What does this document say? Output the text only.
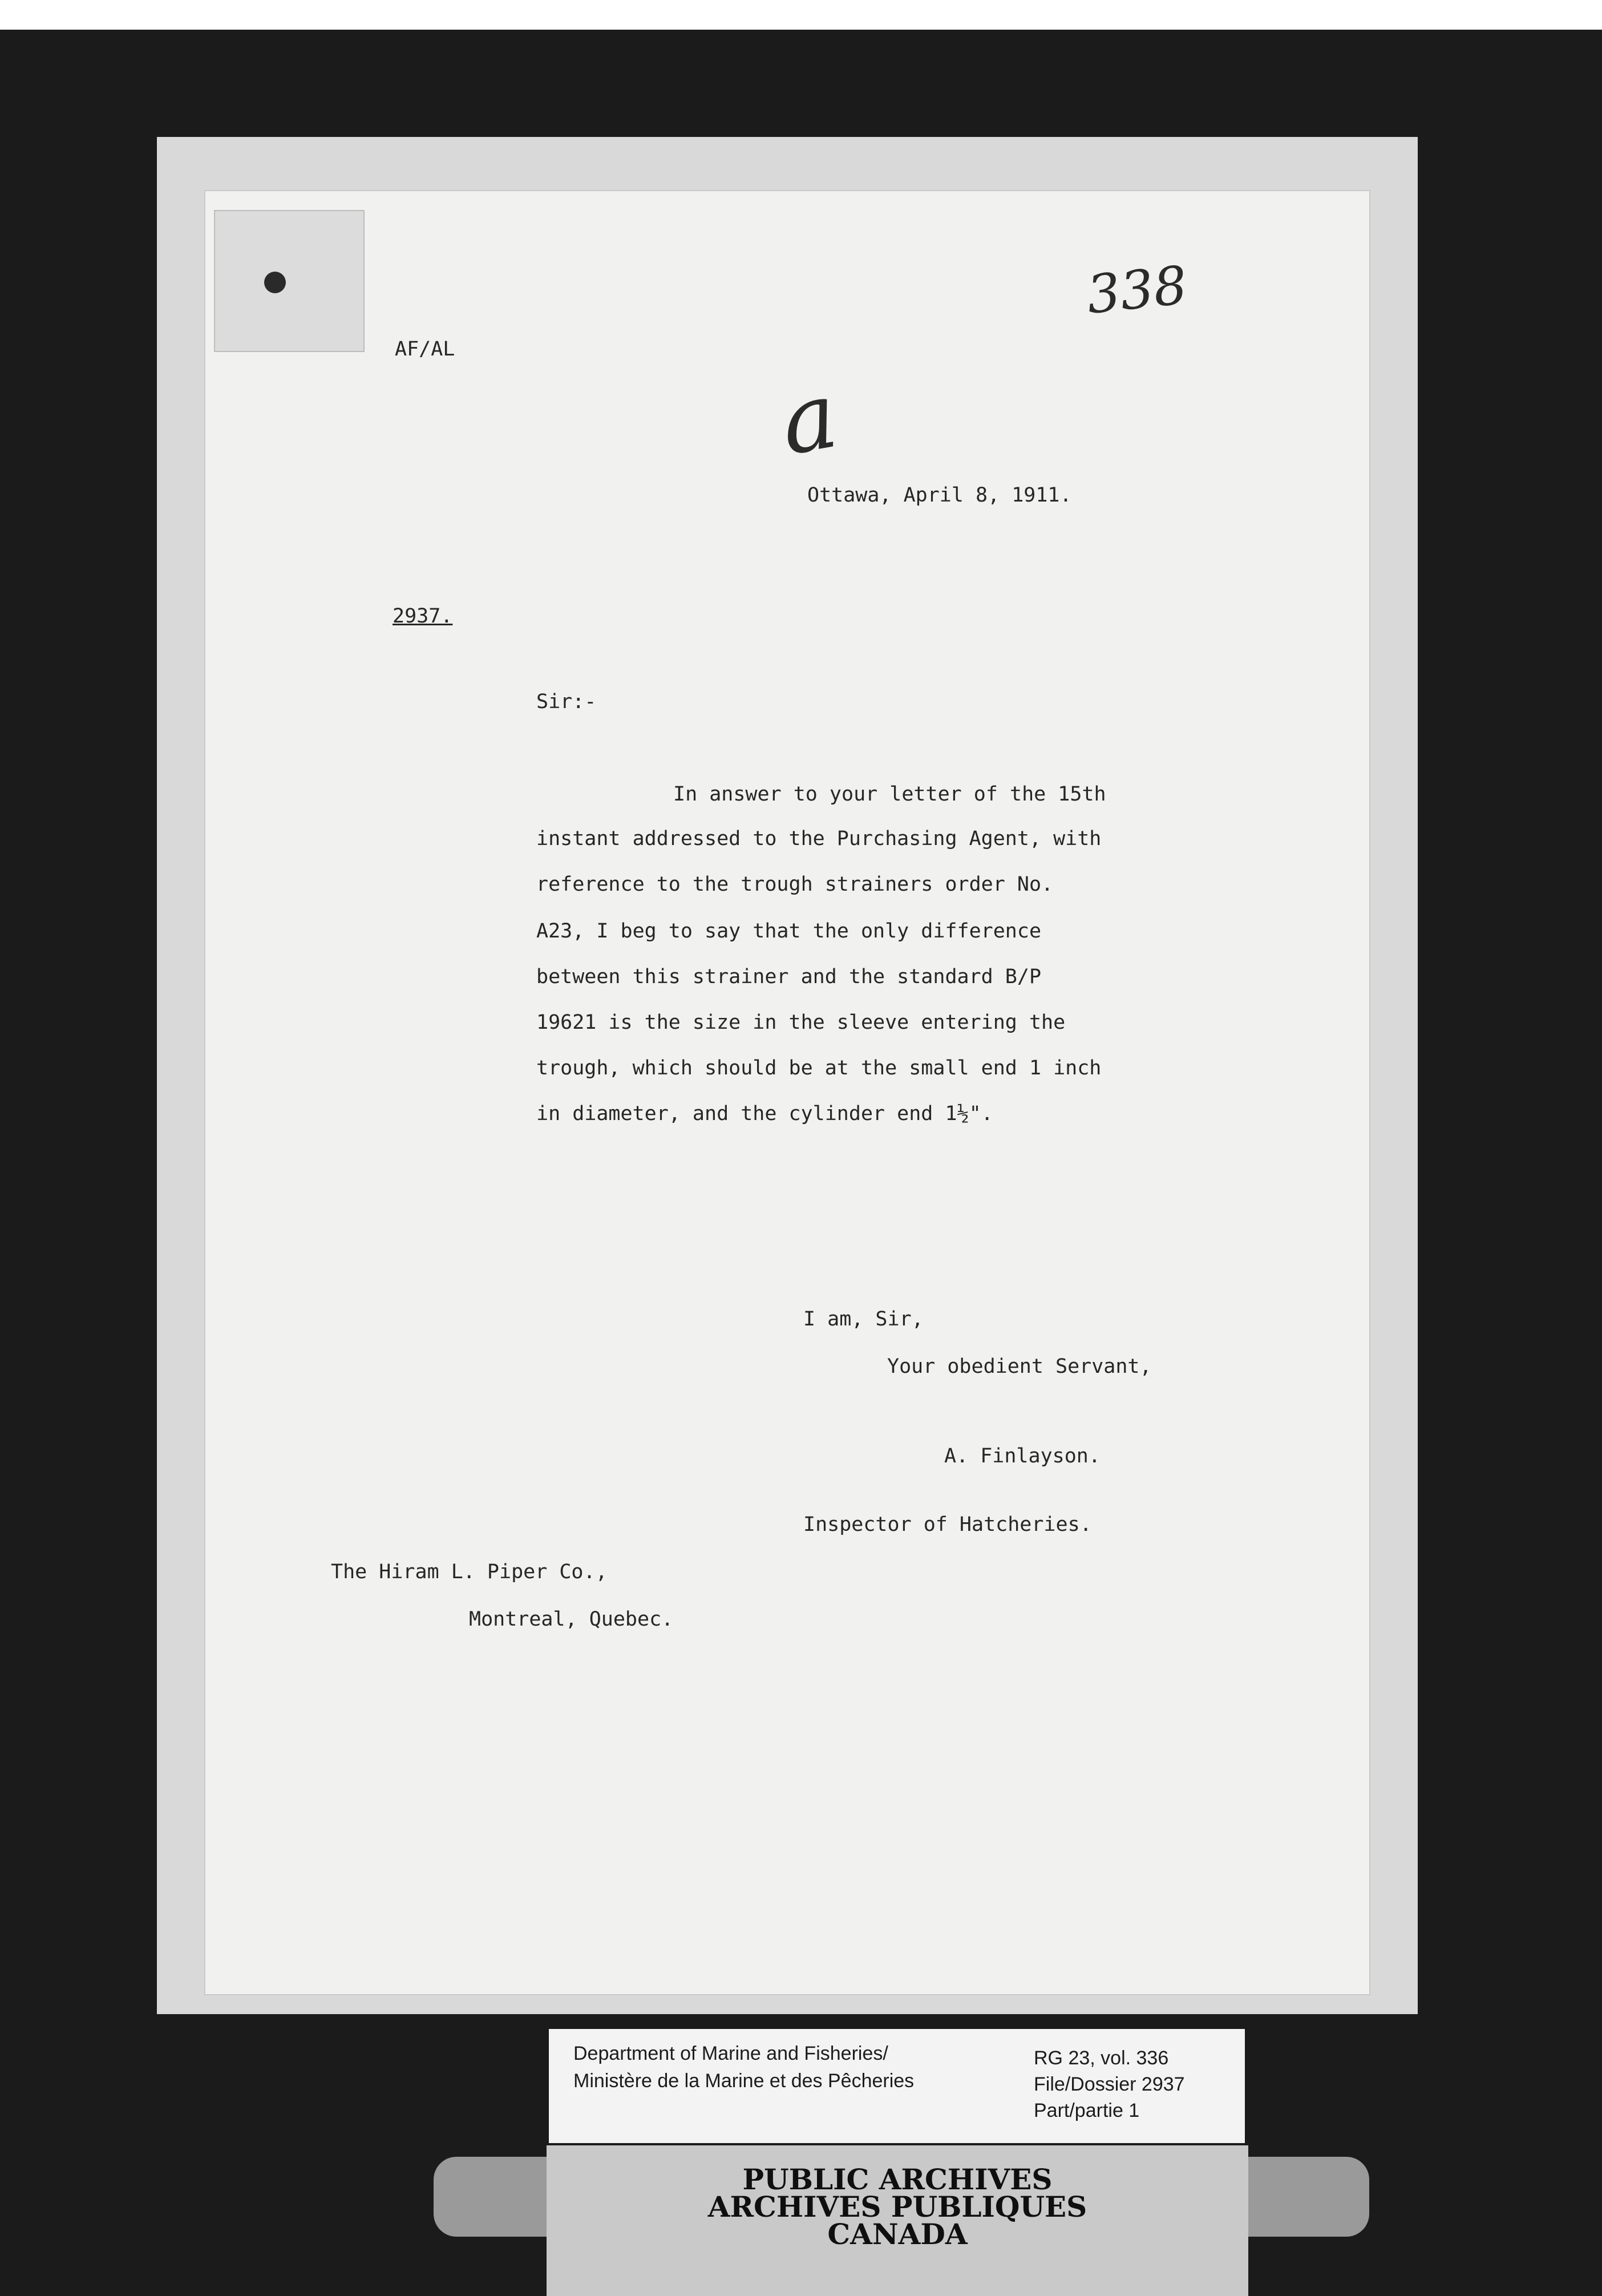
338
a
AF/AL
Ottawa, April 8, 1911.
2937.
Sir:-
In answer to your letter of the 15th
instant addressed to the Purchasing Agent, with
reference to the trough strainers order No.
A23, I beg to say that the only difference
between this strainer and the standard B/P
19621 is the size in the sleeve entering the
trough, which should be at the small end 1 inch
in diameter, and the cylinder end 1½".
I am, Sir,
Your obedient Servant,
A. Finlayson.
Inspector of Hatcheries.
The Hiram L. Piper Co.,
Montreal, Quebec.
Department of Marine and Fisheries/
Ministère de la Marine et des Pêcheries
RG 23, vol. 336
File/Dossier 2937
Part/partie 1
PUBLIC ARCHIVES
ARCHIVES PUBLIQUES
CANADA
